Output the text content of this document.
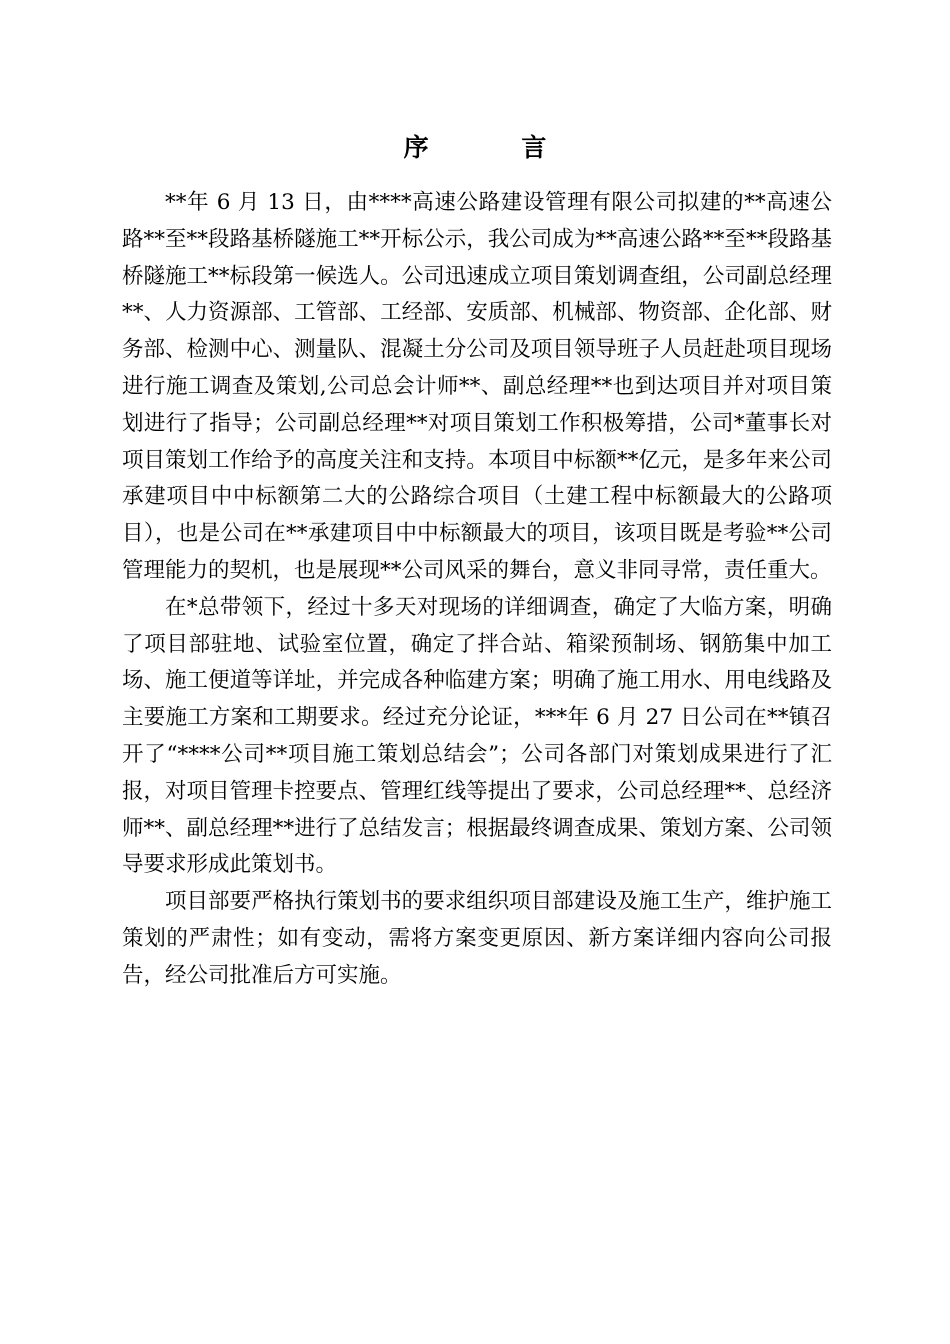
序 言

**年 6 月 13 日，由****高速公路建设管理有限公司拟建的**高速公路**至**段路基桥隧施工**开标公示，我公司成为**高速公路**至**段路基桥隧施工**标段第一候选人。公司迅速成立项目策划调查组，公司副总经理**、人力资源部、工管部、工经部、安质部、机械部、物资部、企化部、财务部、检测中心、测量队、混凝土分公司及项目领导班子人员赶赴项目现场进行施工调查及策划,公司总会计师**、副总经理**也到达项目并对项目策划进行了指导；公司副总经理**对项目策划工作积极筹措，公司*董事长对项目策划工作给予的高度关注和支持。本项目中标额**亿元，是多年来公司承建项目中中标额第二大的公路综合项目（土建工程中标额最大的公路项目），也是公司在**承建项目中中标额最大的项目，该项目既是考验**公司管理能力的契机，也是展现**公司风采的舞台，意义非同寻常，责任重大。

在*总带领下，经过十多天对现场的详细调查，确定了大临方案，明确了项目部驻地、试验室位置，确定了拌合站、箱梁预制场、钢筋集中加工场、施工便道等详址，并完成各种临建方案；明确了施工用水、用电线路及主要施工方案和工期要求。经过充分论证，***年 6 月 27 日公司在**镇召开了“****公司**项目施工策划总结会”；公司各部门对策划成果进行了汇报，对项目管理卡控要点、管理红线等提出了要求，公司总经理**、总经济师**、副总经理**进行了总结发言；根据最终调查成果、策划方案、公司领导要求形成此策划书。

项目部要严格执行策划书的要求组织项目部建设及施工生产，维护施工策划的严肃性；如有变动，需将方案变更原因、新方案详细内容向公司报告，经公司批准后方可实施。
